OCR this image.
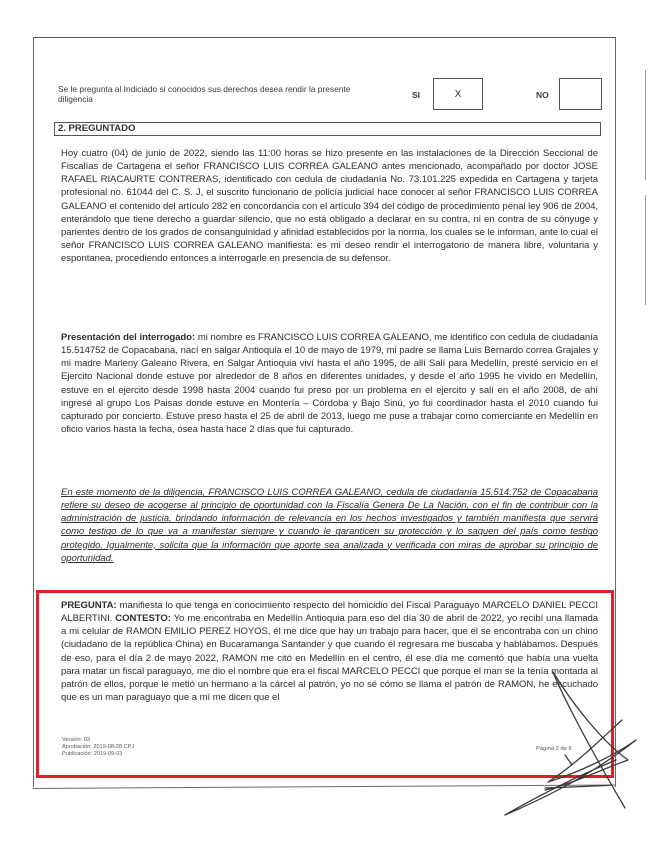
Se le pregunta al Indiciado si conocidos sus derechos desea rendir la presente diligencia	SI	X	NO
2. PREGUNTADO
Hoy cuatro (04) de junio de 2022, siendo las 11:00 horas se hizo presente en las instalaciones de la Dirección Seccional de Fiscalías de Cartagena el señor FRANCISCO LUIS CORREA GALEANO antes mencionado, acompañado por doctor JOSE RAFAEL RIACAURTE CONTRERAS, identificado con cedula de ciudadanía No. 73.101.225 expedida en Cartagena y tarjeta profesional no. 61044 del C. S. J, el suscrito funcionario de policía judicial hace conocer al señor FRANCISCO LUIS CORREA GALEANO el contenido del artículo 282 en concordancia con el artículo 394 del código de procedimiento penal ley 906 de 2004, enterándolo que tiene derecho a guardar silencio, que no está obligado a declarar en su contra, ni en contra de su cónyuge y parientes dentro de los grados de consanguinidad y afinidad establecidos por la norma, los cuales se le informan, ante lo cual el señor FRANCISCO LUIS CORREA GALEANO manifiesta: es mi deseo rendir el interrogatorio de manera libre, voluntaria y espontanea, procediendo entonces a interrogarle en presencia de su defensor.
Presentación del interrogado: mi nombre es FRANCISCO LUIS CORREA GALEANO, me identifico con cedula de ciudadanía 15.514752 de Copacabana, nací en salgar Antioquia el 10 de mayo de 1979, mi padre se llama Luis Bernardo correa Grajales y mi madre Marleny Galeano Rivera, en Salgar Antioquia viví hasta el año 1995, de allí Salí para Medellín, presté servicio en el Ejercito Nacional donde estuve por alrededor de 8 años en diferentes unidades, y desde el año 1995 he vivido en Medellín, estuve en el ejercito desde 1998 hasta 2004 cuando fui preso por un problema en el ejercito y salí en el año 2008, de ahí ingresé al grupo Los Paisas donde estuve en Montería – Córdoba y Bajo Sinú, yo fui coordinador hasta el 2010 cuando fui capturado por concierto. Estuve preso hasta el 25 de abril de 2013, luego me puse a trabajar como comerciante en Medellín en oficio varios hasta la fecha, ósea hasta hace 2 días que fui capturado.
En este momento de la diligencia, FRANCISCO LUIS CORREA GALEANO, cedula de ciudadanía 15.514.752 de Copacabana refiere su deseo de acogerse al principio de oportunidad con la Fiscalía Genera De La Nación, con el fin de contribuir con la administración de justicia, brindando información de relevancia en los hechos investigados y también manifiesta que servirá como testigo de lo que va a manifestar siempre y cuando le garanticen su protección y lo saquen del país como testigo protegido. Igualmente, solicita que la información que aporte sea analizada y verificada con miras de aprobar su principio de oportunidad.
PREGUNTA: manifiesta lo que tenga en conocimiento respecto del homicidio del Fiscal Paraguayo MARCELO DANIEL PECCI ALBERTINI. CONTESTO: Yo me encontraba en Medellín Antioquia para eso del día 30 de abril de 2022, yo recibí una llamada a mi celular de RAMON EMILIO PEREZ HOYOS, él me dice que hay un trabajo para hacer, que él se encontraba con un chino (ciudadano de la república China) en Bucaramanga Santander y que cuando él regresara me buscaba y hablábamos. Después de eso, para el día 2 de mayo 2022, RAMON me citó en Medellín en el centro, él ese día me comentó que había una vuelta para matar un fiscal paraguayo, me dio el nombre que era el fiscal MARCELO PECCI que porque el man se la tenía montada al patrón de ellos, porque le metió un hermano a la cárcel al patrón, yo no sé cómo se llama el patrón de RAMON, he escuchado que es un man paraguayo que a mí me dicen que el
Versión: 03
Aprobación: 2019-08-28 CPJ
Publicación: 2019-09-03
Página 2 de 6
